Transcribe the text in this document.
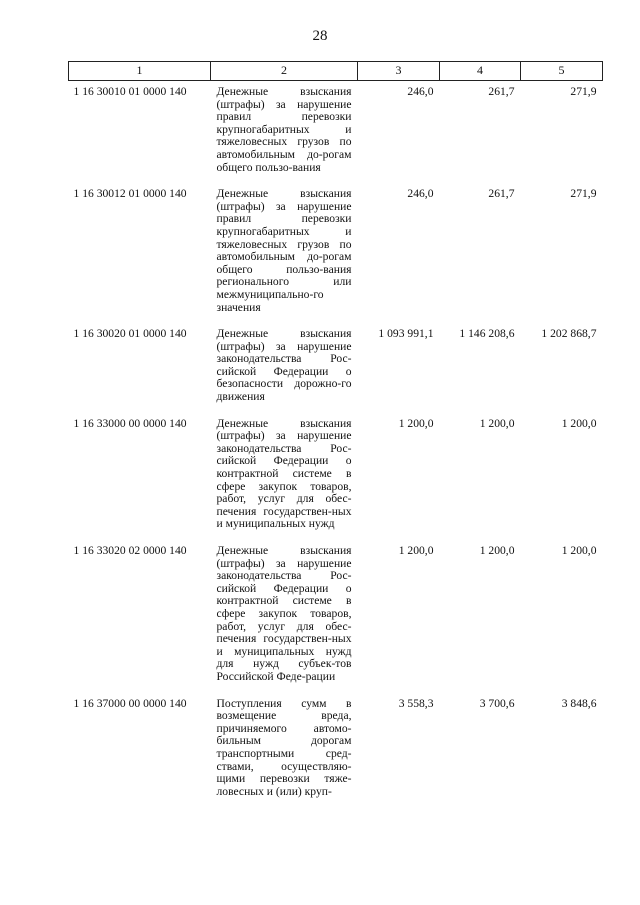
28
1	2	3	4	5
1 16 30010 01 0000 140	Денежные взыскания (штрафы) за нарушение правил перевозки крупногабаритных и тяжеловесных грузов по автомобильным до-рогам общего пользо-вания	246,0	261,7	271,9
1 16 30012 01 0000 140	Денежные взыскания (штрафы) за нарушение правил перевозки крупногабаритных и тяжеловесных грузов по автомобильным до-рогам общего пользо-вания регионального или межмуниципально-го значения	246,0	261,7	271,9
1 16 30020 01 0000 140	Денежные взыскания (штрафы) за нарушение законодательства Рос-сийской Федерации о безопасности дорожно-го движения	1 093 991,1	1 146 208,6	1 202 868,7
1 16 33000 00 0000 140	Денежные взыскания (штрафы) за нарушение законодательства Рос-сийской Федерации о контрактной системе в сфере закупок товаров, работ, услуг для обес-печения государствен-ных и муниципальных нужд	1 200,0	1 200,0	1 200,0
1 16 33020 02 0000 140	Денежные взыскания (штрафы) за нарушение законодательства Рос-сийской Федерации о контрактной системе в сфере закупок товаров, работ, услуг для обес-печения государствен-ных и муниципальных нужд для нужд субъек-тов Российской Феде-рации	1 200,0	1 200,0	1 200,0
1 16 37000 00 0000 140	Поступления сумм в возмещение вреда, причиняемого автомо-бильным дорогам транспортными сред-ствами, осуществляю-щими перевозки тяже-ловесных и (или) круп-	3 558,3	3 700,6	3 848,6
